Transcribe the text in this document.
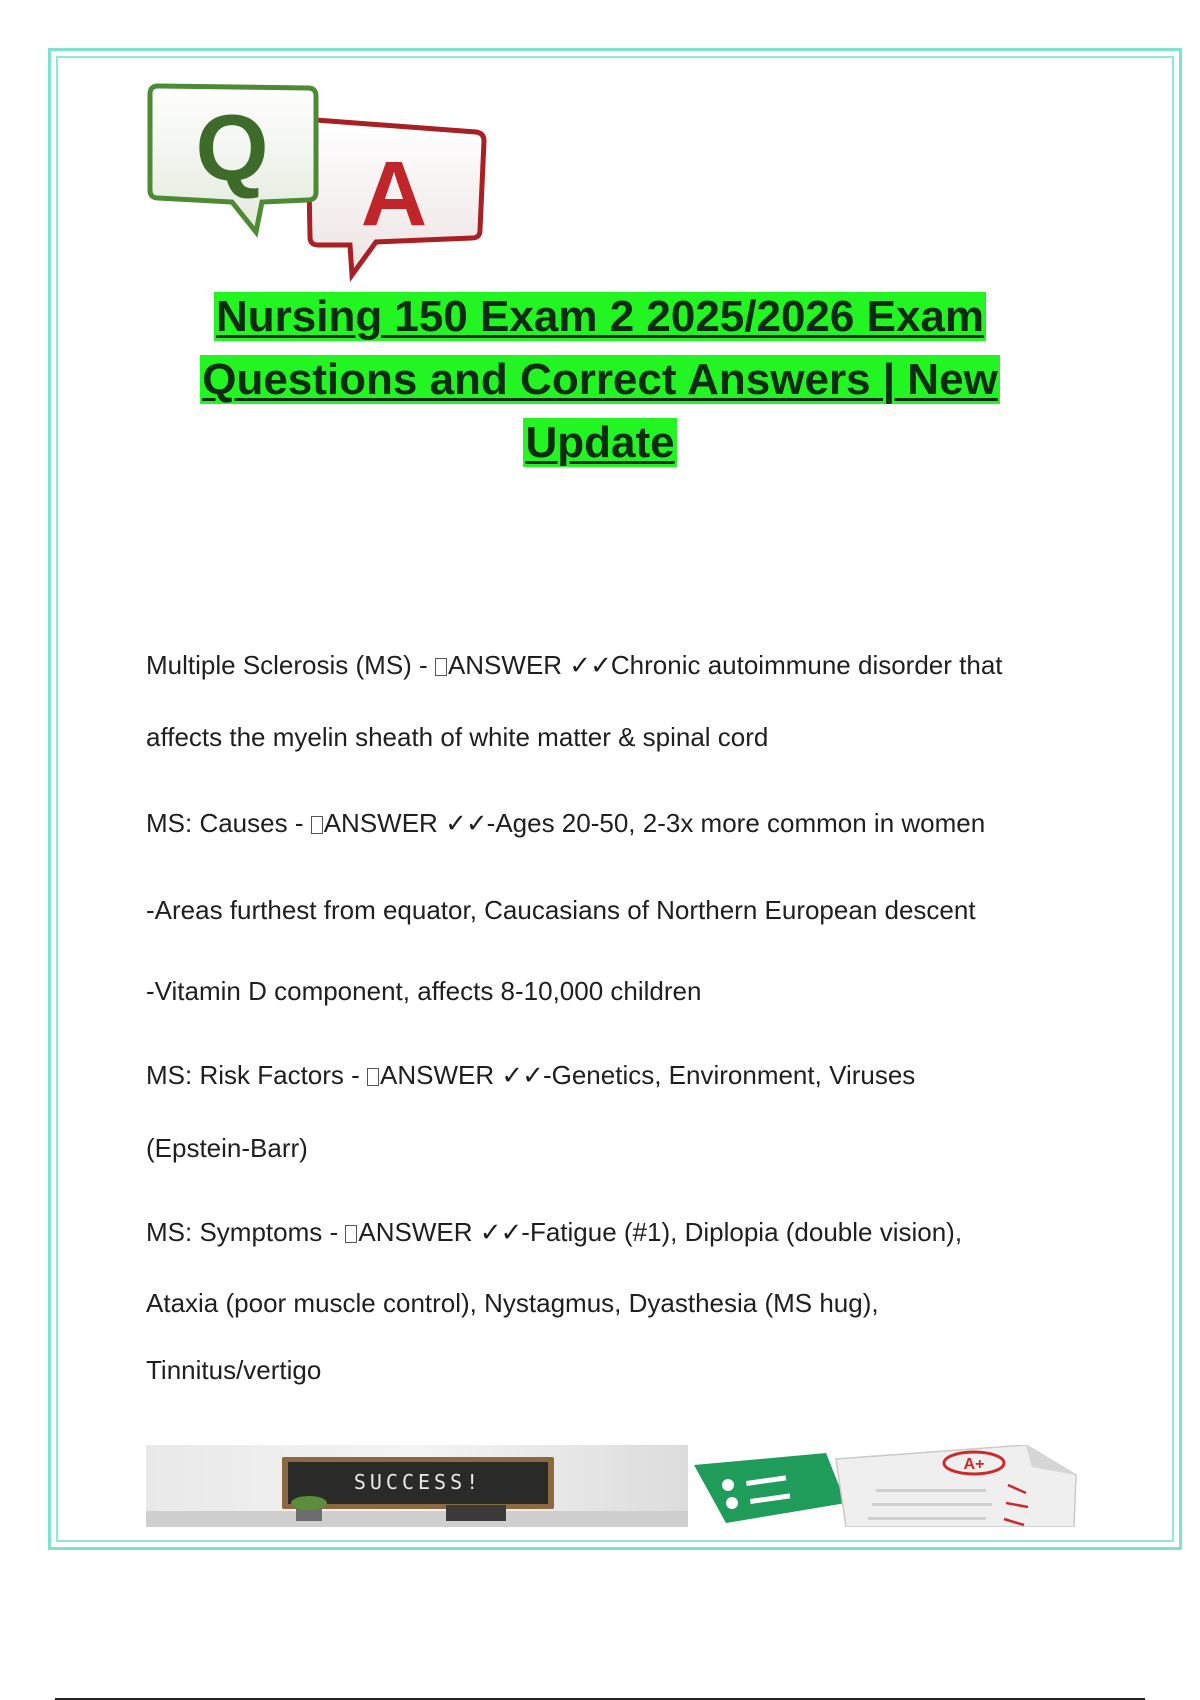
A
Q
Nursing 150 Exam 2 2025/2026 Exam
Questions and Correct Answers | New
Update
Multiple Sclerosis (MS) - ANSWER ✓✓Chronic autoimmune disorder that
affects the myelin sheath of white matter & spinal cord
MS: Causes - ANSWER ✓✓-Ages 20-50, 2-3x more common in women
-Areas furthest from equator, Caucasians of Northern European descent
-Vitamin D component, affects 8-10,000 children
MS: Risk Factors - ANSWER ✓✓-Genetics, Environment, Viruses
(Epstein-Barr)
MS: Symptoms - ANSWER ✓✓-Fatigue (#1), Diplopia (double vision),
Ataxia (poor muscle control), Nystagmus, Dyasthesia (MS hug),
Tinnitus/vertigo
SUCCESS!
A+
